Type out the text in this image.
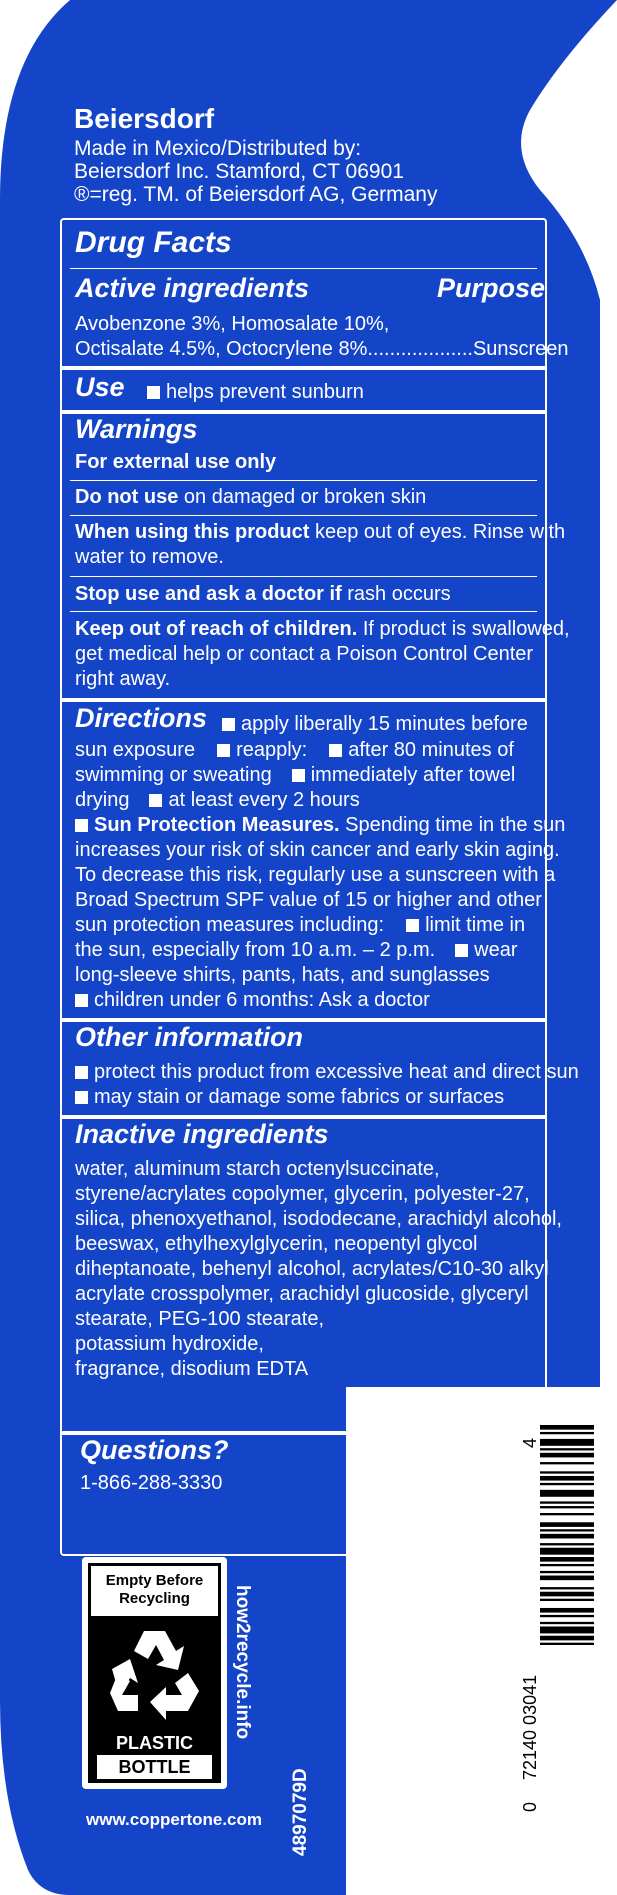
Beiersdorf
Made in Mexico/Distributed by:
Beiersdorf Inc. Stamford, CT 06901
®=reg. TM. of Beiersdorf AG, Germany
Drug Facts
Active ingredients	Purpose
Avobenzone 3%, Homosalate 10%,
Octisalate 4.5%, Octocrylene 8%...................Sunscreen
Use	helps prevent sunburn
Warnings
For external use only
Do not use on damaged or broken skin
When using this product keep out of eyes. Rinse with
water to remove.
Stop use and ask a doctor if rash occurs
Keep out of reach of children. If product is swallowed,
get medical help or contact a Poison Control Center
right away.
Directions	apply liberally 15 minutes before
sun exposure reapply: after 80 minutes of
swimming or sweating immediately after towel
drying at least every 2 hours
Sun Protection Measures. Spending time in the sun
increases your risk of skin cancer and early skin aging.
To decrease this risk, regularly use a sunscreen with a
Broad Spectrum SPF value of 15 or higher and other
sun protection measures including: limit time in
the sun, especially from 10 a.m. – 2 p.m. wear
long-sleeve shirts, pants, hats, and sunglasses
children under 6 months: Ask a doctor
Other information
protect this product from excessive heat and direct sun
may stain or damage some fabrics or surfaces
Inactive ingredients
water, aluminum starch octenylsuccinate,
styrene/acrylates copolymer, glycerin, polyester-27,
silica, phenoxyethanol, isododecane, arachidyl alcohol,
beeswax, ethylhexylglycerin, neopentyl glycol
diheptanoate, behenyl alcohol, acrylates/C10-30 alkyl
acrylate crosspolymer, arachidyl glucoside, glyceryl
stearate, PEG-100 stearate,
potassium hydroxide,
fragrance, disodium EDTA
Questions?
1-866-288-3330
Empty Before
Recycling
PLASTIC
BOTTLE
how2recycle.info
4897079D
www.coppertone.com
0
72140 03041
4
